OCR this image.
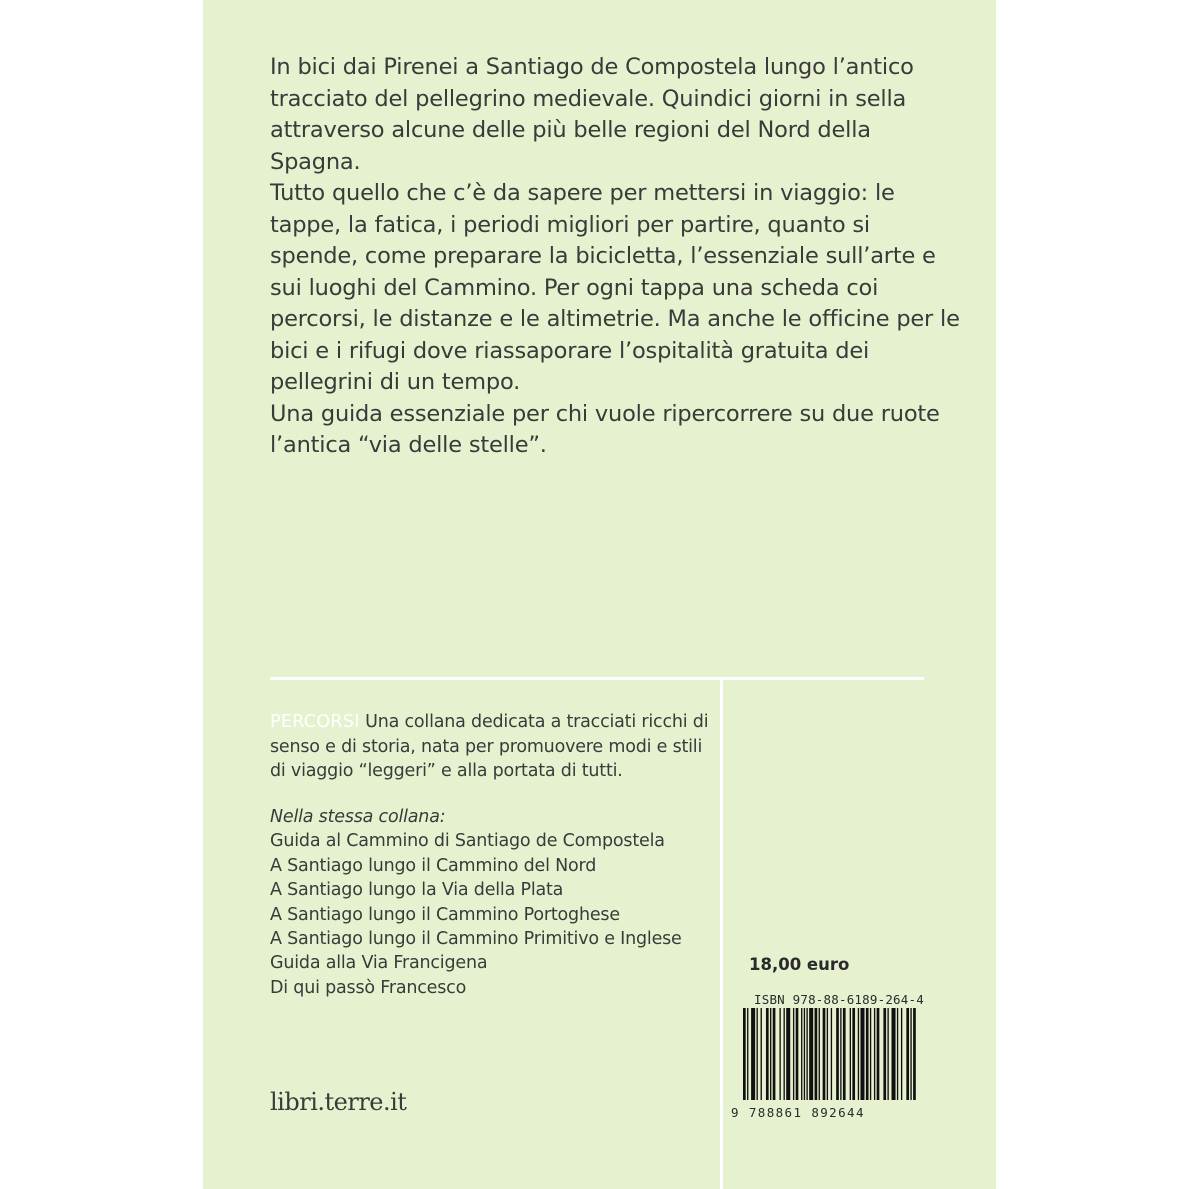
In bici dai Pirenei a Santiago de Compostela lungo l’antico tracciato del pellegrino medievale. Quindici giorni in sella attraverso alcune delle più belle regioni del Nord della Spagna.

Tutto quello che c’è da sapere per mettersi in viaggio: le tappe, la fatica, i periodi migliori per partire, quanto si spende, come preparare la bicicletta, l’essenziale sull’arte e sui luoghi del Cammino. Per ogni tappa una scheda coi percorsi, le distanze e le altimetrie. Ma anche le officine per le bici e i rifugi dove riassaporare l’ospitalità gratuita dei pellegrini di un tempo.

Una guida essenziale per chi vuole ripercorrere su due ruote l’antica “via delle stelle”.

PERCORSI Una collana dedicata a tracciati ricchi di senso e di storia, nata per promuovere modi e stili di viaggio “leggeri” e alla portata di tutti.

Nella stessa collana:
Guida al Cammino di Santiago de Compostela
A Santiago lungo il Cammino del Nord
A Santiago lungo la Via della Plata
A Santiago lungo il Cammino Portoghese
A Santiago lungo il Cammino Primitivo e Inglese
Guida alla Via Francigena
Di qui passò Francesco
libri.terre.it
18,00 euro
ISBN 978-88-6189-264-4
9 788861 892644
